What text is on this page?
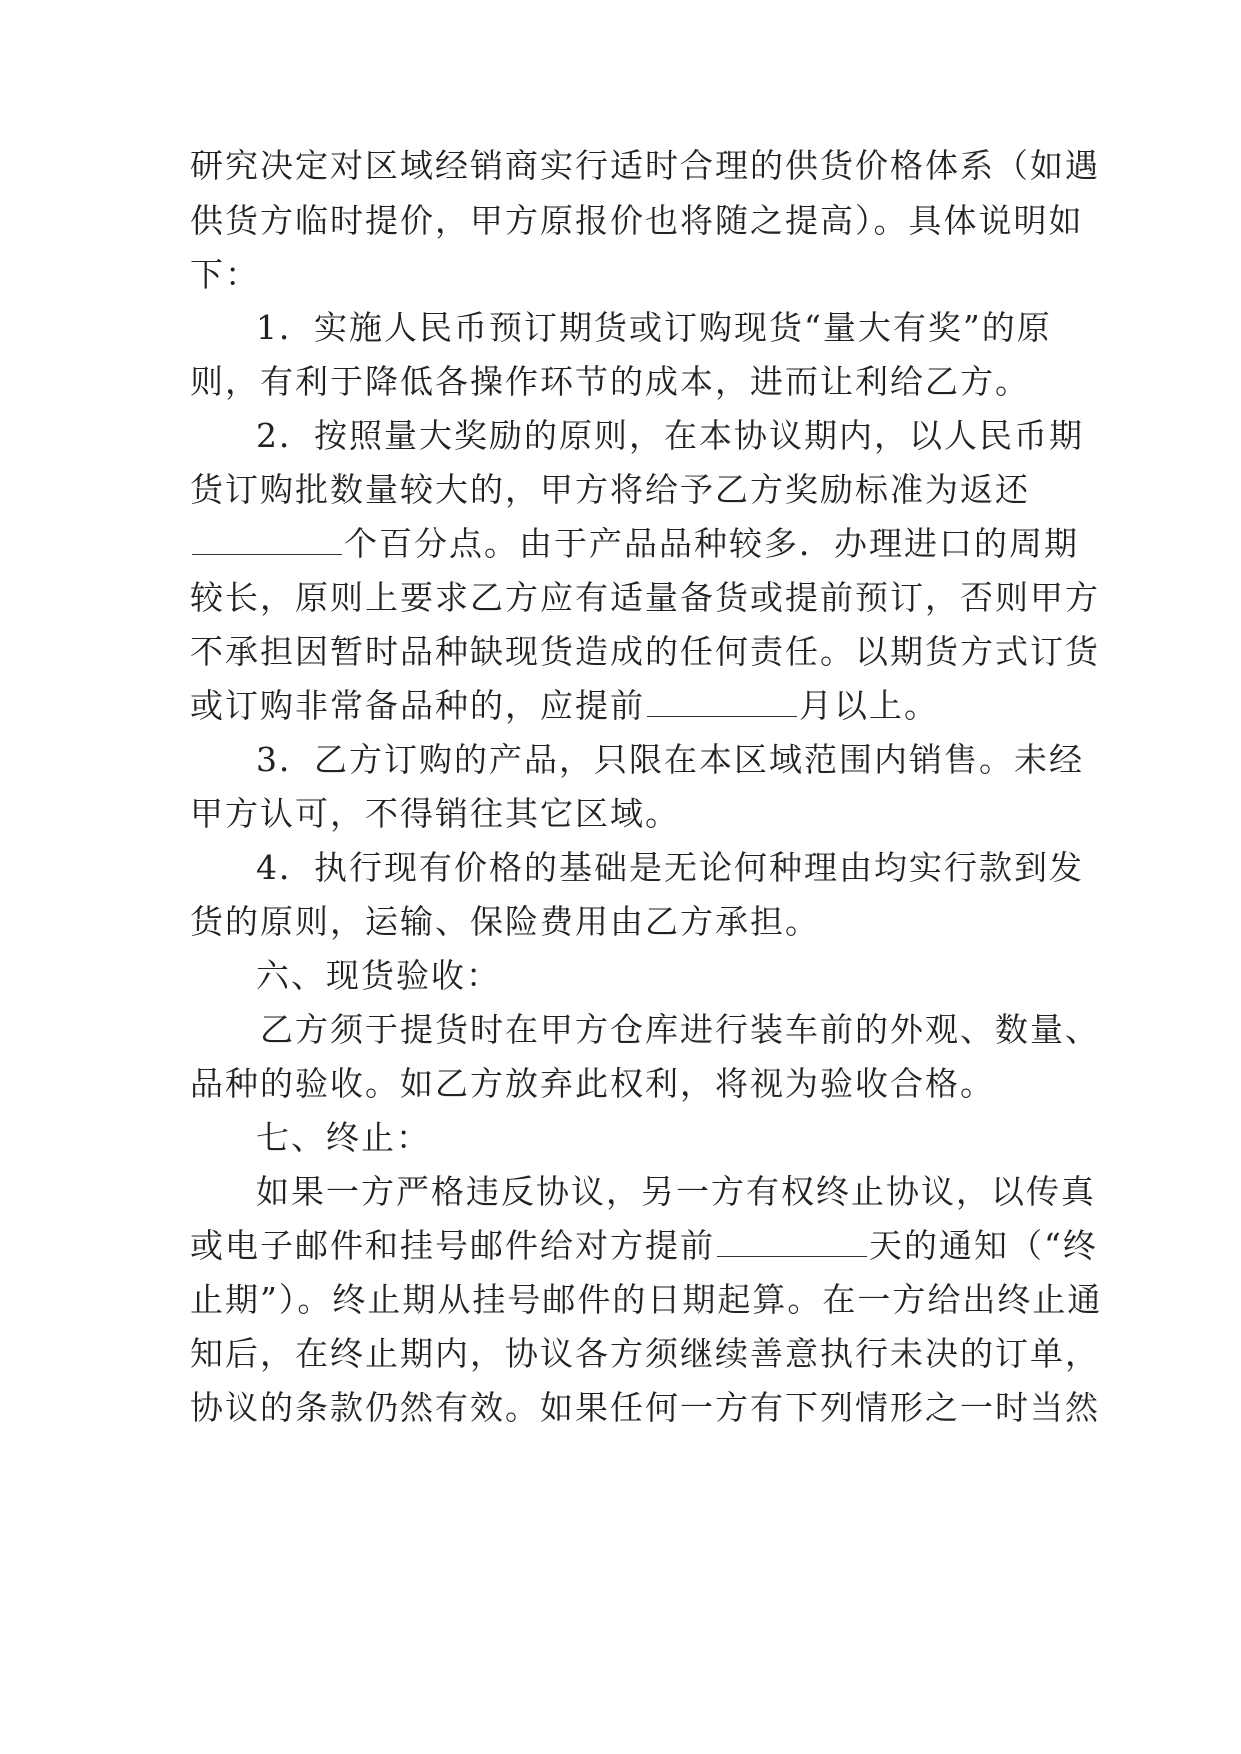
研究决定对区域经销商实行适时合理的供货价格体系（如遇
供货方临时提价，甲方原报价也将随之提高）。具体说明如
下：
1．实施人民币预订期货或订购现货“量大有奖”的原
则，有利于降低各操作环节的成本，进而让利给乙方。
2．按照量大奖励的原则，在本协议期内，以人民币期
货订购批数量较大的，甲方将给予乙方奖励标准为返还
个百分点。由于产品品种较多．办理进口的周期
较长，原则上要求乙方应有适量备货或提前预订，否则甲方
不承担因暂时品种缺现货造成的任何责任。以期货方式订货
或订购非常备品种的，应提前	月以上。
3．乙方订购的产品，只限在本区域范围内销售。未经
甲方认可，不得销往其它区域。
4．执行现有价格的基础是无论何种理由均实行款到发
货的原则，运输、保险费用由乙方承担。
六、现货验收：
乙方须于提货时在甲方仓库进行装车前的外观、数量、
品种的验收。如乙方放弃此权利，将视为验收合格。
七、终止：
如果一方严格违反协议，另一方有权终止协议，以传真
或电子邮件和挂号邮件给对方提前	天的通知（“终
止期”）。终止期从挂号邮件的日期起算。在一方给出终止通
知后，在终止期内，协议各方须继续善意执行未决的订单，
协议的条款仍然有效。如果任何一方有下列情形之一时当然
